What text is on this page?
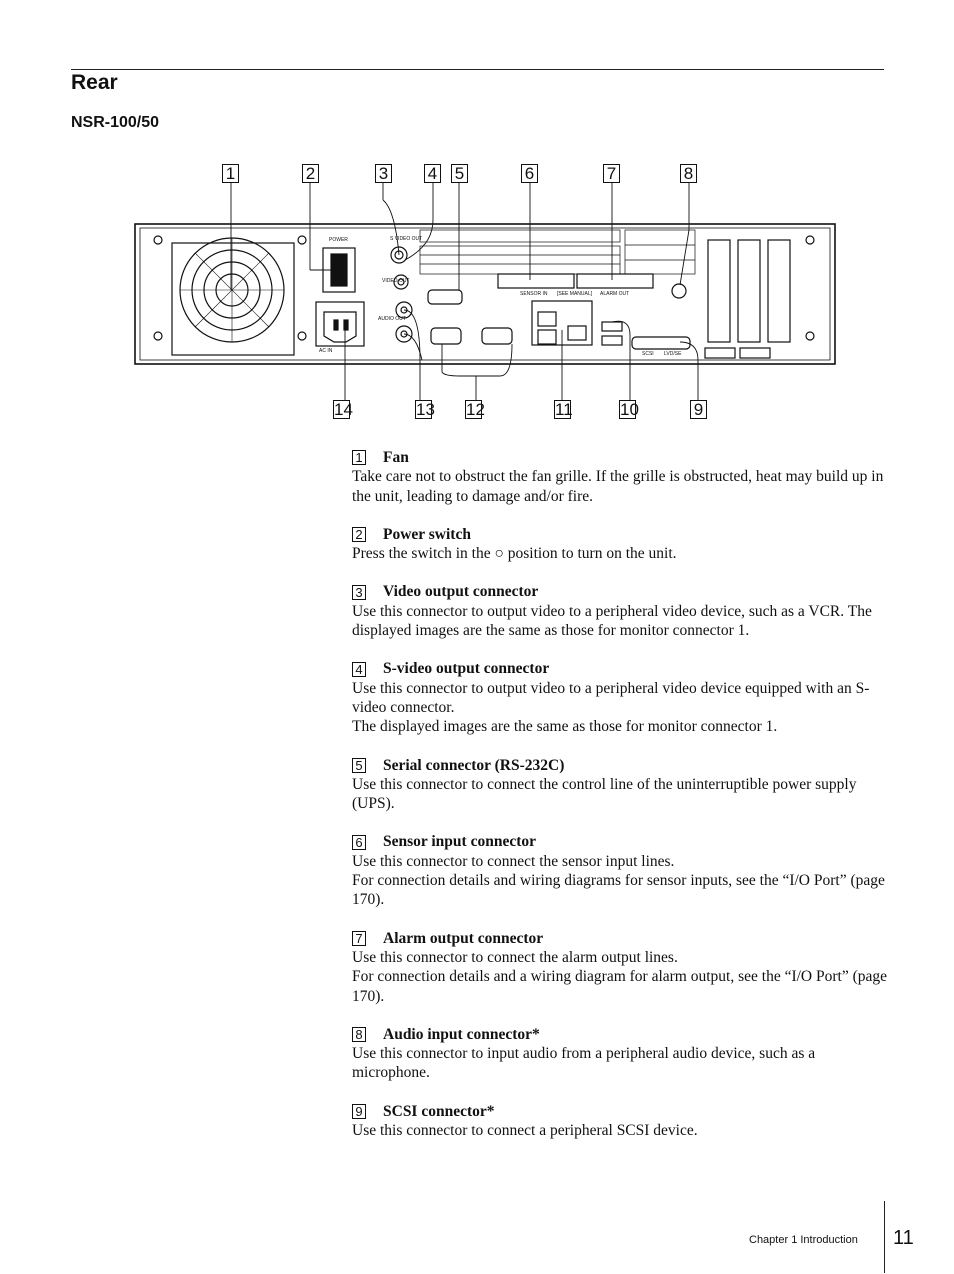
Rear
NSR-100/50
1	2	3 4 5	6	7	8
POWER	S VIDEO OUT
VIDEO OUT
AUDIO OUT
AC IN
SENSOR IN [SEE MANUAL] ALARM OUT
SCSI LVD/SE
14	13 12	11	10	9
1 Fan
Take care not to obstruct the fan grille. If the grille is obstructed, heat may build up in the unit, leading to damage and/or fire.
2 Power switch
Press the switch in the ○ position to turn on the unit.
3 Video output connector
Use this connector to output video to a peripheral video device, such as a VCR. The displayed images are the same as those for monitor connector 1.
4 S-video output connector
Use this connector to output video to a peripheral video device equipped with an S-video connector.
The displayed images are the same as those for monitor connector 1.
5 Serial connector (RS-232C)
Use this connector to connect the control line of the uninterruptible power supply (UPS).
6 Sensor input connector
Use this connector to connect the sensor input lines.
For connection details and wiring diagrams for sensor inputs, see the “I/O Port” (page 170).
7 Alarm output connector
Use this connector to connect the alarm output lines.
For connection details and a wiring diagram for alarm output, see the “I/O Port” (page 170).
8 Audio input connector*
Use this connector to input audio from a peripheral audio device, such as a microphone.
9 SCSI connector*
Use this connector to connect a peripheral SCSI device.
Chapter 1 Introduction 11
